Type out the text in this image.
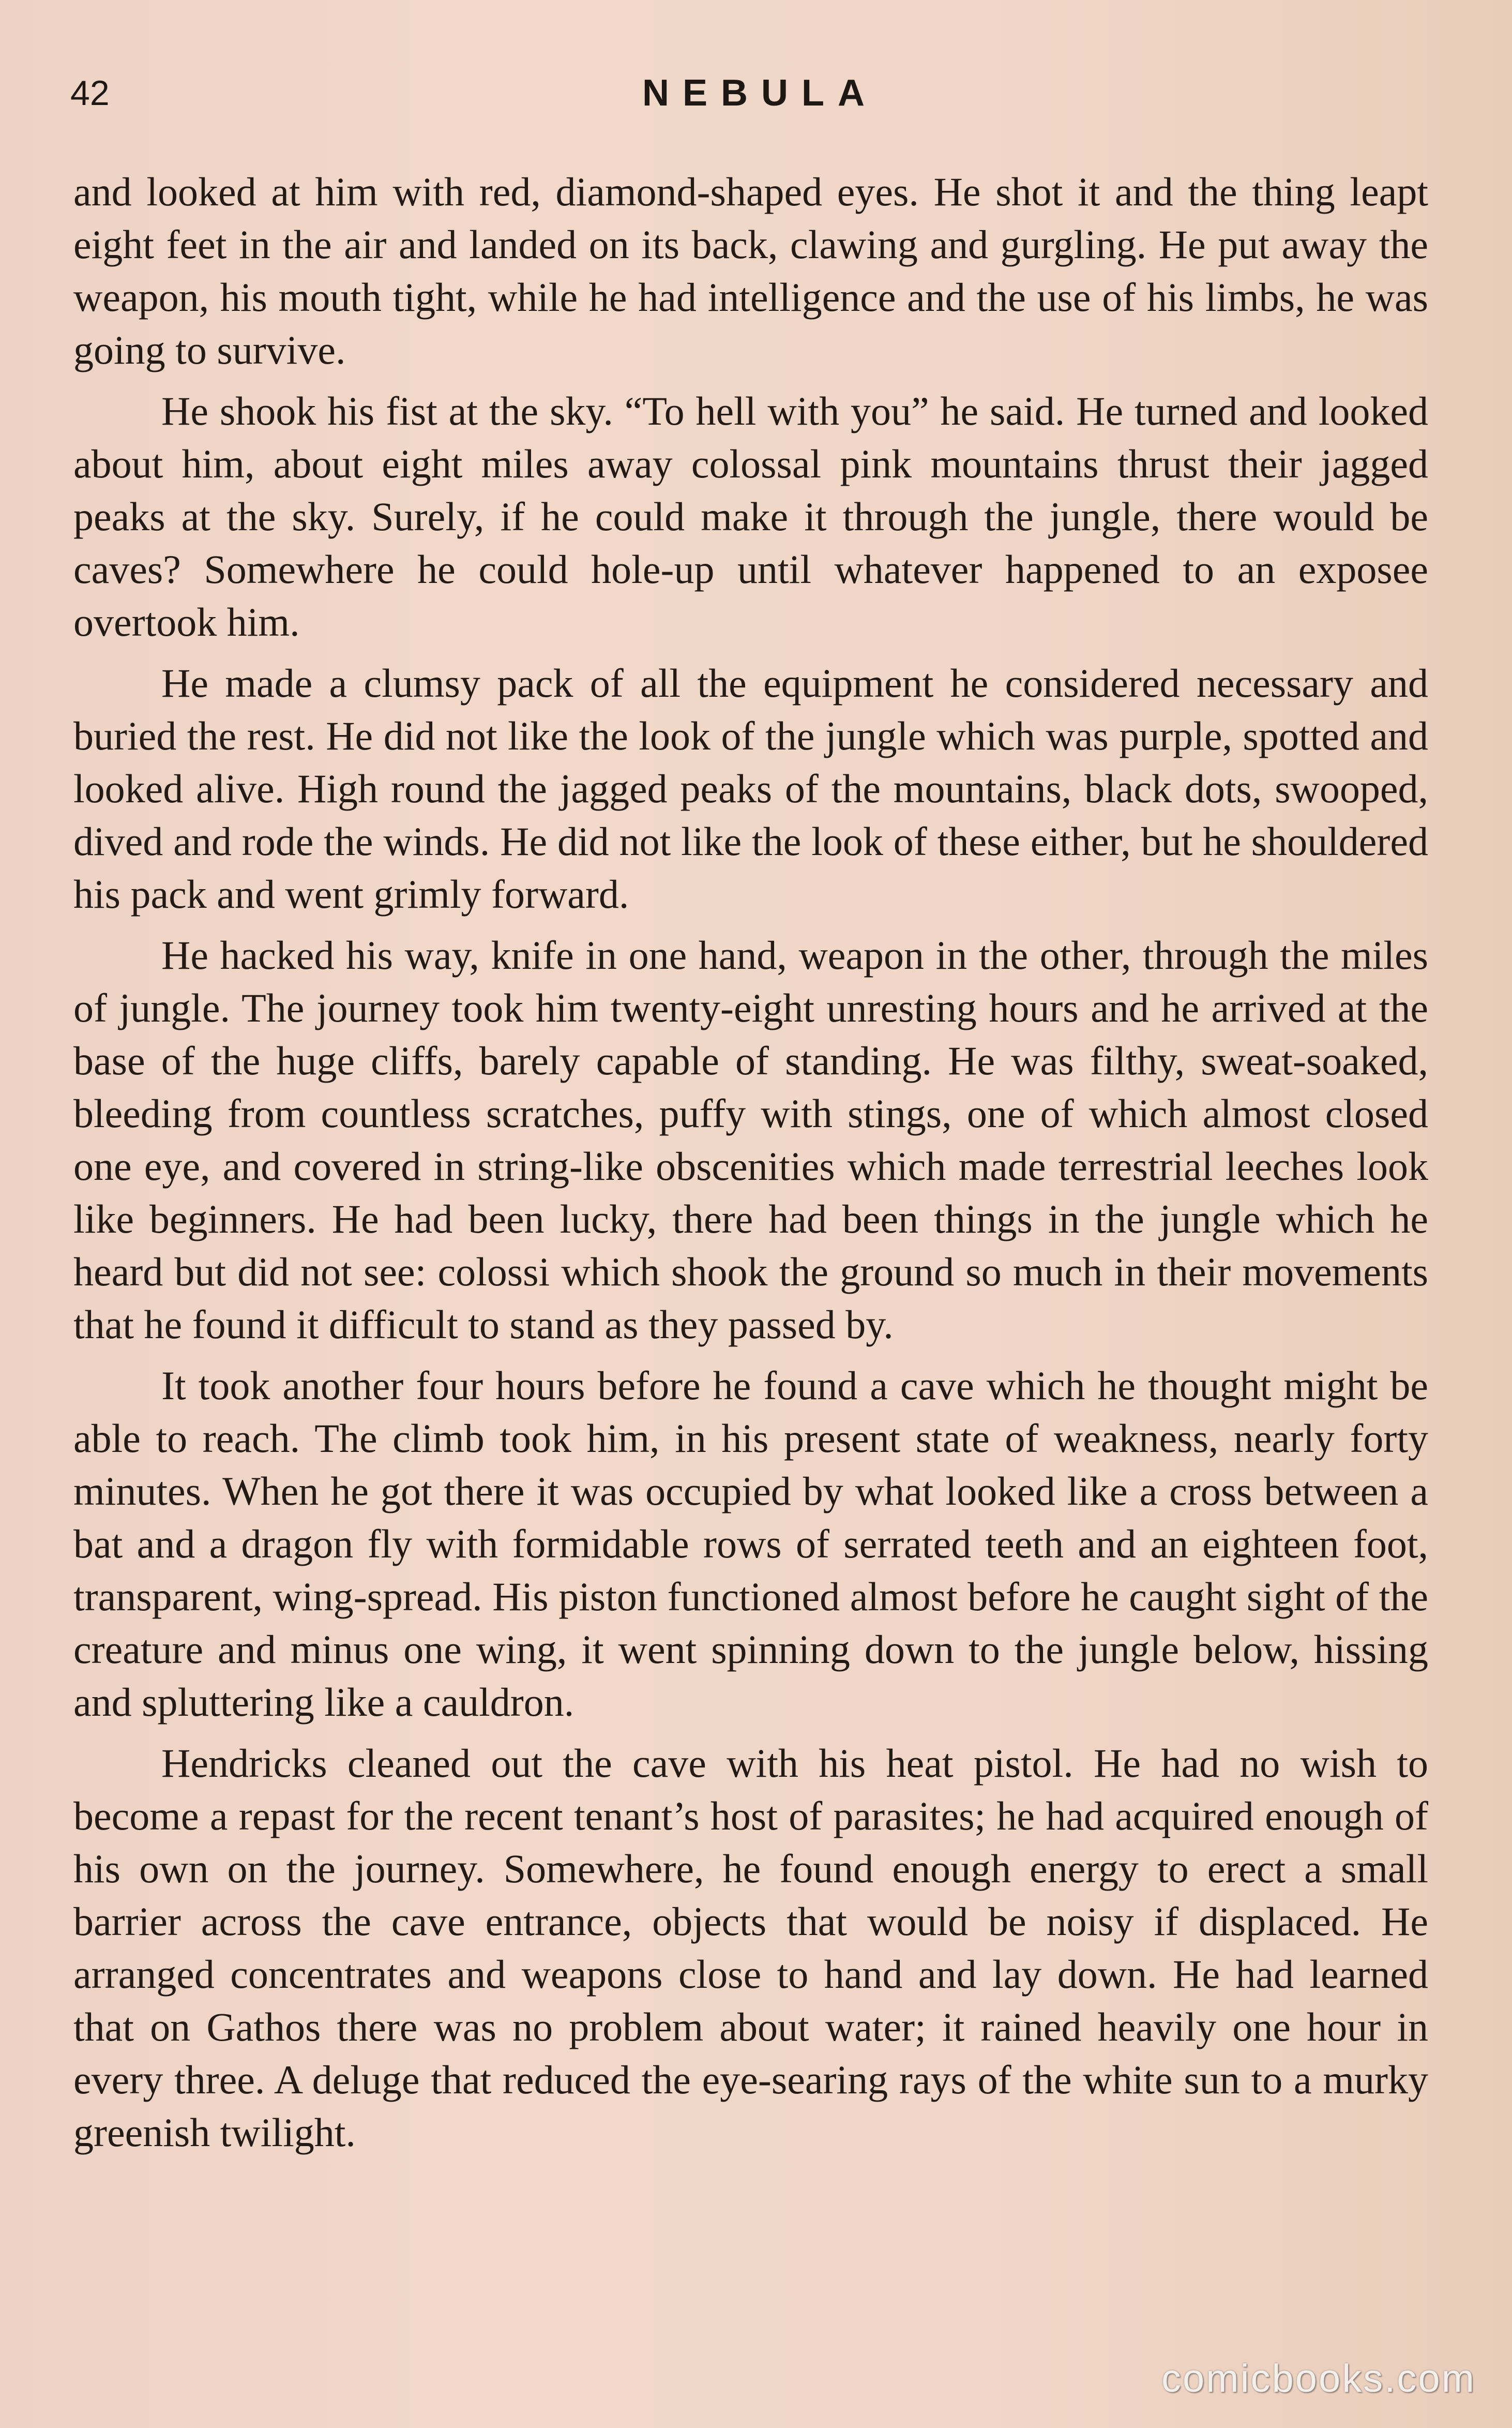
42	NEBULA

and looked at him with red, diamond-shaped eyes. He shot it and the thing leapt eight feet in the air and landed on its back, clawing and gurgling. He put away the weapon, his mouth tight, while he had intelligence and the use of his limbs, he was going to survive.

He shook his fist at the sky. “To hell with you” he said. He turned and looked about him, about eight miles away colossal pink mountains thrust their jagged peaks at the sky. Surely, if he could make it through the jungle, there would be caves? Somewhere he could hole-up until whatever happened to an exposee overtook him.

He made a clumsy pack of all the equipment he considered necessary and buried the rest. He did not like the look of the jungle which was purple, spotted and looked alive. High round the jagged peaks of the mountains, black dots, swooped, dived and rode the winds. He did not like the look of these either, but he shouldered his pack and went grimly forward.

He hacked his way, knife in one hand, weapon in the other, through the miles of jungle. The journey took him twenty-eight unresting hours and he arrived at the base of the huge cliffs, barely capable of standing. He was filthy, sweat-soaked, bleeding from countless scratches, puffy with stings, one of which almost closed one eye, and covered in string-like obscenities which made terrestrial leeches look like beginners. He had been lucky, there had been things in the jungle which he heard but did not see: colossi which shook the ground so much in their movements that he found it difficult to stand as they passed by.

It took another four hours before he found a cave which he thought might be able to reach. The climb took him, in his present state of weakness, nearly forty minutes. When he got there it was occupied by what looked like a cross between a bat and a dragon fly with formidable rows of serrated teeth and an eighteen foot, transparent, wing-spread. His piston functioned almost before he caught sight of the creature and minus one wing, it went spinning down to the jungle below, hissing and spluttering like a cauldron.

Hendricks cleaned out the cave with his heat pistol. He had no wish to become a repast for the recent tenant’s host of parasites; he had acquired enough of his own on the journey. Somewhere, he found enough energy to erect a small barrier across the cave entrance, objects that would be noisy if displaced. He arranged concentrates and weapons close to hand and lay down. He had learned that on Gathos there was no problem about water; it rained heavily one hour in every three. A deluge that reduced the eye-searing rays of the white sun to a murky greenish twilight.

comicbooks.com
